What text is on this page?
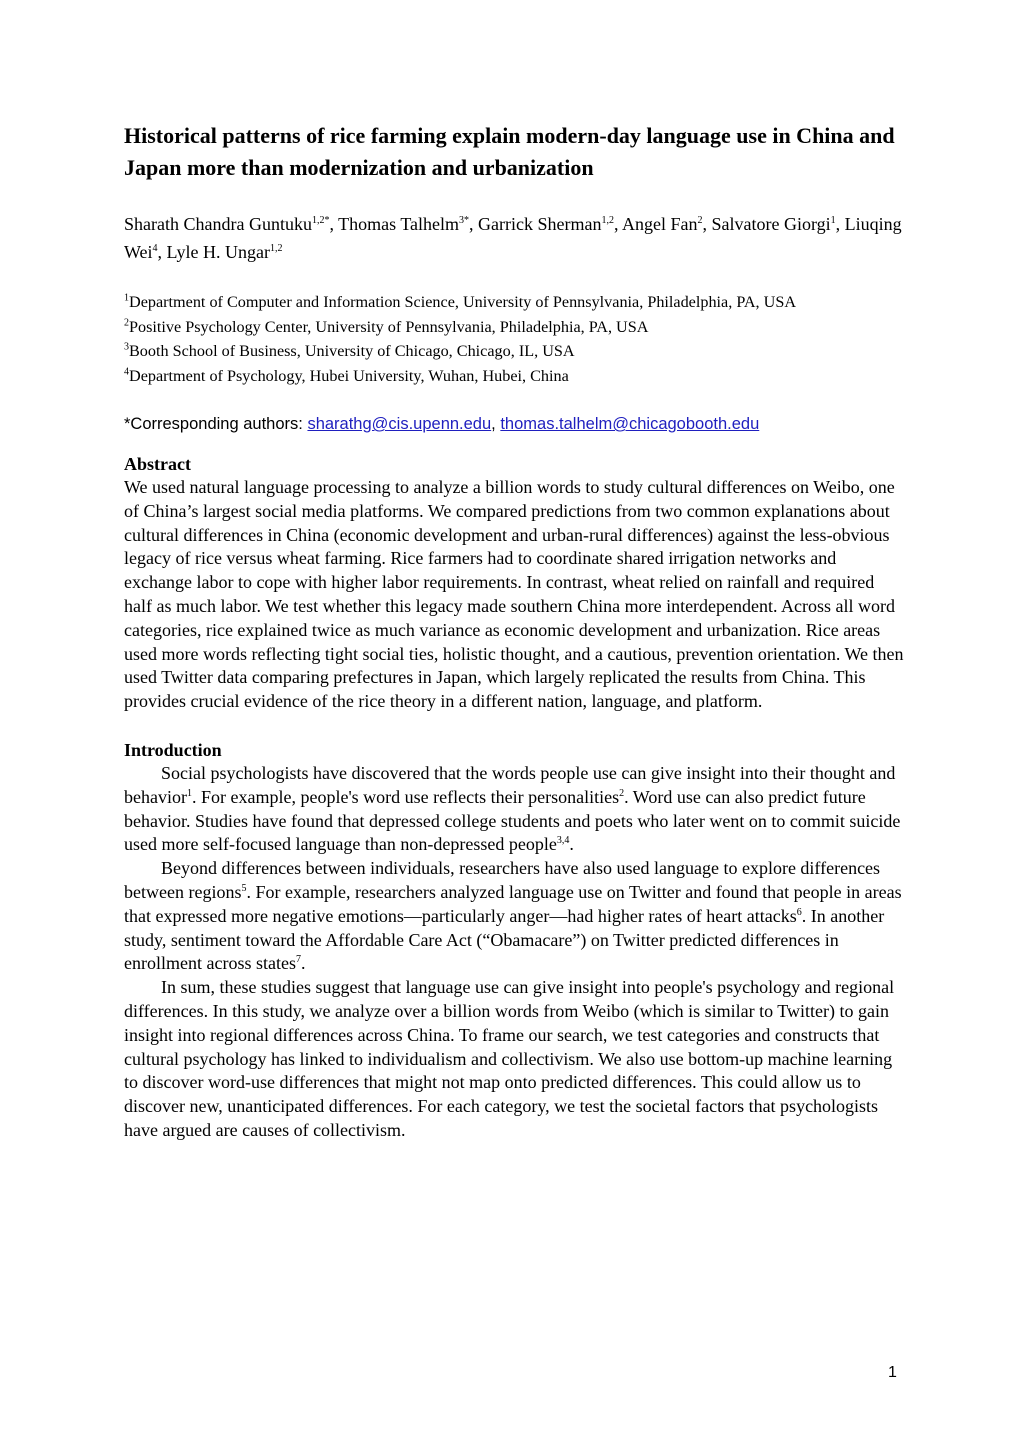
Historical patterns of rice farming explain modern-day language use in China and Japan more than modernization and urbanization
Sharath Chandra Guntuku$^{1,2*}$, Thomas Talhelm$^{3*}$, Garrick Sherman$^{1,2}$, Angel Fan$^2$, Salvatore Giorgi$^1$, Liuqing Wei$^4$, Lyle H. Ungar$^{1,2}$
$^1$Department of Computer and Information Science, University of Pennsylvania, Philadelphia, PA, USA
$^2$Positive Psychology Center, University of Pennsylvania, Philadelphia, PA, USA
$^3$Booth School of Business, University of Chicago, Chicago, IL, USA
$^4$Department of Psychology, Hubei University, Wuhan, Hubei, China
*Corresponding authors: sharathg@cis.upenn.edu, thomas.talhelm@chicagobooth.edu
Abstract

We used natural language processing to analyze a billion words to study cultural differences on Weibo, one of China’s largest social media platforms. We compared predictions from two common explanations about cultural differences in China (economic development and urban-rural differences) against the less-obvious legacy of rice versus wheat farming. Rice farmers had to coordinate shared irrigation networks and exchange labor to cope with higher labor requirements. In contrast, wheat relied on rainfall and required half as much labor. We test whether this legacy made southern China more interdependent. Across all word categories, rice explained twice as much variance as economic development and urbanization. Rice areas used more words reflecting tight social ties, holistic thought, and a cautious, prevention orientation. We then used Twitter data comparing prefectures in Japan, which largely replicated the results from China. This provides crucial evidence of the rice theory in a different nation, language, and platform.

Introduction

Social psychologists have discovered that the words people use can give insight into their thought and behavior$^1$. For example, people's word use reflects their personalities$^2$. Word use can also predict future behavior. Studies have found that depressed college students and poets who later went on to commit suicide used more self-focused language than non-depressed people$^{3,4}$.

Beyond differences between individuals, researchers have also used language to explore differences between regions$^5$. For example, researchers analyzed language use on Twitter and found that people in areas that expressed more negative emotions—particularly anger—had higher rates of heart attacks$^6$. In another study, sentiment toward the Affordable Care Act (“Obamacare”) on Twitter predicted differences in enrollment across states$^7$.

In sum, these studies suggest that language use can give insight into people's psychology and regional differences. In this study, we analyze over a billion words from Weibo (which is similar to Twitter) to gain insight into regional differences across China. To frame our search, we test categories and constructs that cultural psychology has linked to individualism and collectivism. We also use bottom-up machine learning to discover word-use differences that might not map onto predicted differences. This could allow us to discover new, unanticipated differences. For each category, we test the societal factors that psychologists have argued are causes of collectivism.

1
